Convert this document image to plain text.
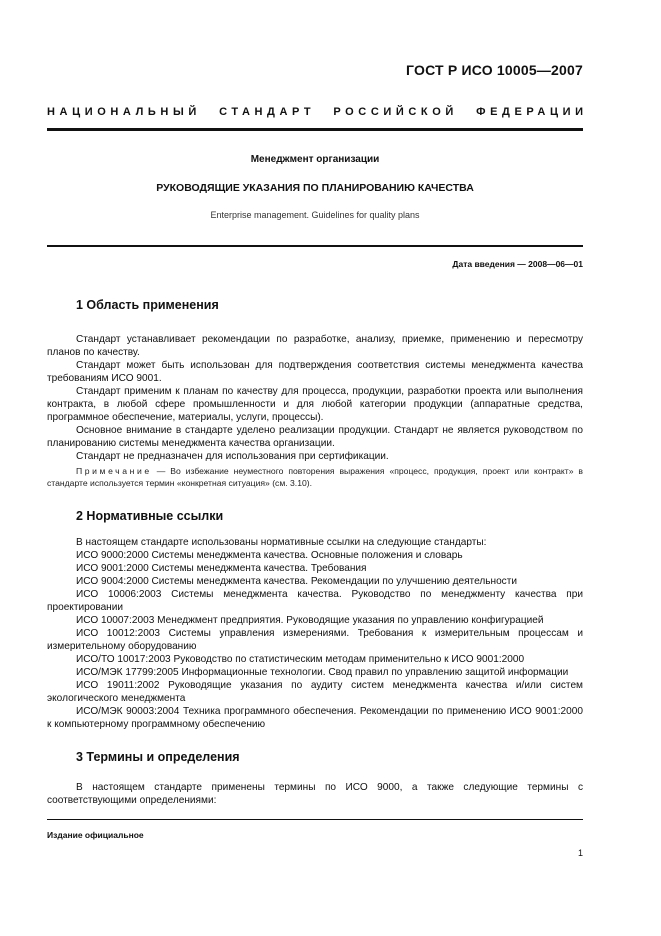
ГОСТ Р ИСО 10005—2007
НАЦИОНАЛЬНЫЙ СТАНДАРТ РОССИЙСКОЙ ФЕДЕРАЦИИ
Менеджмент организации
РУКОВОДЯЩИЕ УКАЗАНИЯ ПО ПЛАНИРОВАНИЮ КАЧЕСТВА
Enterprise management. Guidelines for quality plans
Дата введения — 2008—06—01
1 Область применения

Стандарт устанавливает рекомендации по разработке, анализу, приемке, применению и пересмотру планов по качеству.

Стандарт может быть использован для подтверждения соответствия системы менеджмента качества требованиям ИСО 9001.

Стандарт применим к планам по качеству для процесса, продукции, разработки проекта или выполнения контракта, в любой сфере промышленности и для любой категории продукции (аппаратные средства, программное обеспечение, материалы, услуги, процессы).

Основное внимание в стандарте уделено реализации продукции. Стандарт не является руководством по планированию системы менеджмента качества организации.

Стандарт не предназначен для использования при сертификации.

Примечание — Во избежание неуместного повторения выражения «процесс, продукция, проект или контракт» в стандарте используется термин «конкретная ситуация» (см. 3.10).

2 Нормативные ссылки

В настоящем стандарте использованы нормативные ссылки на следующие стандарты:

ИСО 9000:2000 Системы менеджмента качества. Основные положения и словарь

ИСО 9001:2000 Системы менеджмента качества. Требования

ИСО 9004:2000 Системы менеджмента качества. Рекомендации по улучшению деятельности

ИСО 10006:2003 Системы менеджмента качества. Руководство по менеджменту качества при проектировании

ИСО 10007:2003 Менеджмент предприятия. Руководящие указания по управлению конфигурацией

ИСО 10012:2003 Системы управления измерениями. Требования к измерительным процессам и измерительному оборудованию

ИСО/ТО 10017:2003 Руководство по статистическим методам применительно к ИСО 9001:2000

ИСО/МЭК 17799:2005 Информационные технологии. Свод правил по управлению защитой информации

ИСО 19011:2002 Руководящие указания по аудиту систем менеджмента качества и/или систем экологического менеджмента

ИСО/МЭК 90003:2004 Техника программного обеспечения. Рекомендации по применению ИСО 9001:2000 к компьютерному программному обеспечению

3 Термины и определения

В настоящем стандарте применены термины по ИСО 9000, а также следующие термины с соответствующими определениями:

Издание официальное
1
